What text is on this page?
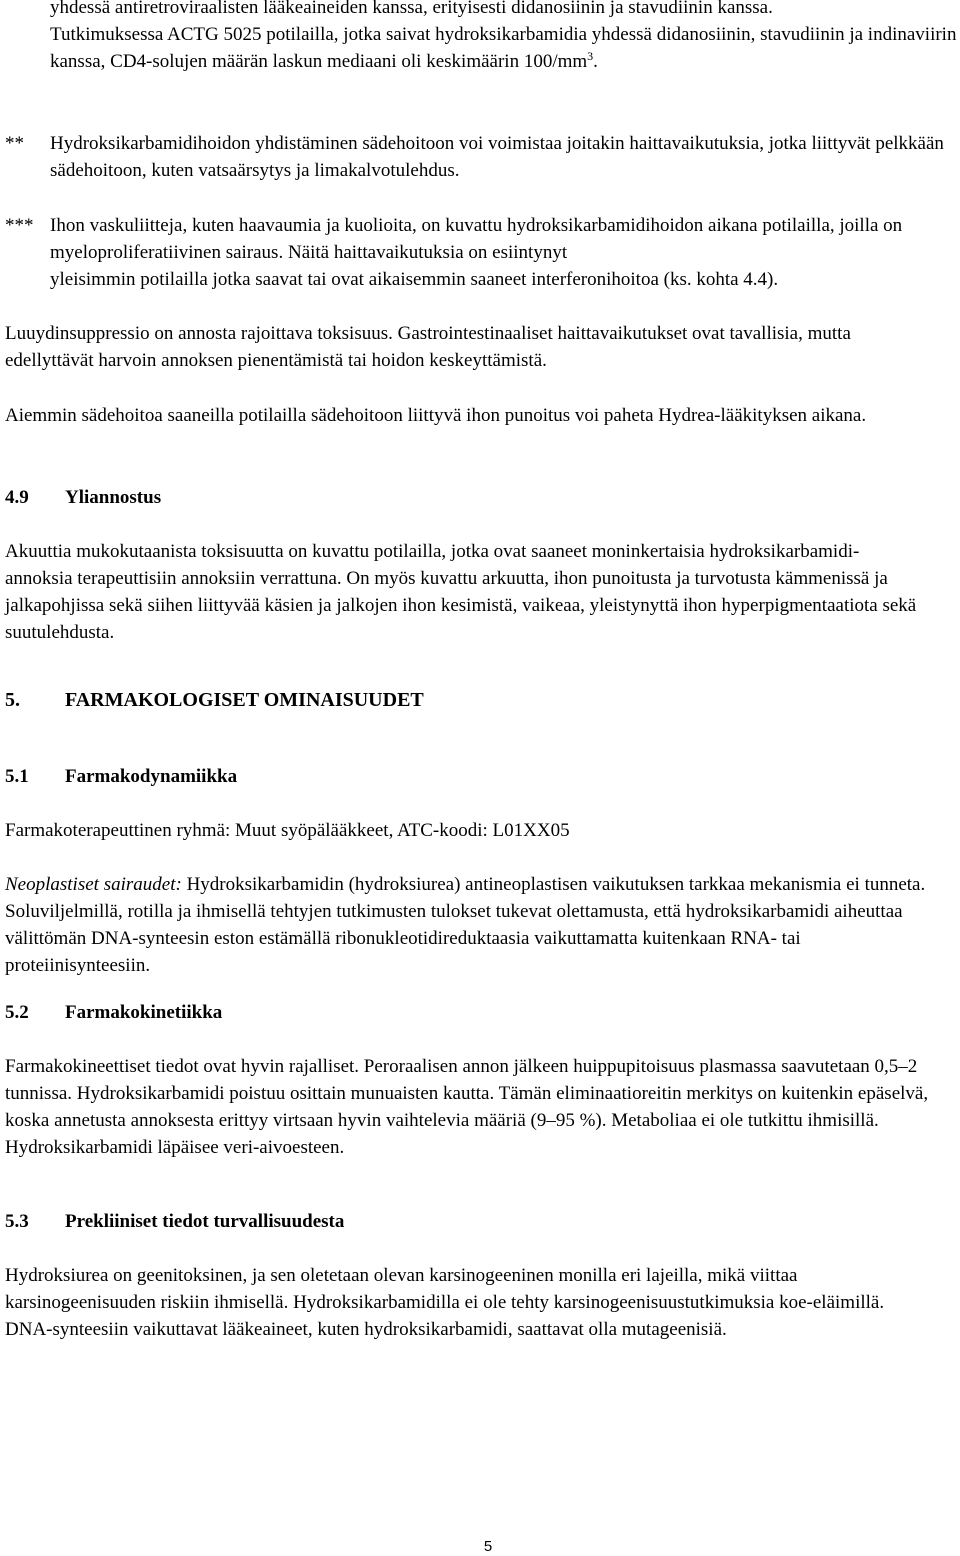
yhdessä antiretroviraalisten lääkeaineiden kanssa, erityisesti didanosiinin ja stavudiinin kanssa.

Tutkimuksessa ACTG 5025 potilailla, jotka saivat hydroksikarbamidia yhdessä didanosiinin, stavudiinin ja indinaviirin kanssa, CD4-solujen määrän laskun mediaani oli keskimäärin $100/mm^3$.
**	Hydroksikarbamidihoidon yhdistäminen sädehoitoon voi voimistaa joitakin haittavaikutuksia, jotka liittyvät pelkkään sädehoitoon, kuten vatsaärsytys ja limakalvotulehdus.
*** Ihon vaskuliitteja, kuten haavaumia ja kuolioita, on kuvattu hydroksikarbamidihoidon aikana potilailla, joilla on myeloproliferatiivinen sairaus. Näitä haittavaikutuksia on esiintynyt
yleisimmin potilailla jotka saavat tai ovat aikaisemmin saaneet interferonihoitoa (ks. kohta 4.4).

Luuydinsuppressio on annosta rajoittava toksisuus. Gastrointestinaaliset haittavaikutukset ovat tavallisia, mutta edellyttävät harvoin annoksen pienentämistä tai hoidon keskeyttämistä.

Aiemmin sädehoitoa saaneilla potilailla sädehoitoon liittyvä ihon punoitus voi paheta Hydrea-lääkityksen aikana.

4.9 Yliannostus

Akuuttia mukokutaanista toksisuutta on kuvattu potilailla, jotka ovat saaneet moninkertaisia hydroksikarbamidi-annoksia terapeuttisiin annoksiin verrattuna. On myös kuvattu arkuutta, ihon punoitusta ja turvotusta kämmenissä ja jalkapohjissa sekä siihen liittyvää käsien ja jalkojen ihon kesimistä, vaikeaa, yleistynyttä ihon hyperpigmentaatiota sekä suutulehdusta.

5. FARMAKOLOGISET OMINAISUUDET
5.1 Farmakodynamiikka

Farmakoterapeuttinen ryhmä: Muut syöpälääkkeet, ATC-koodi: L01XX05

Neoplastiset sairaudet: Hydroksikarbamidin (hydroksiurea) antineoplastisen vaikutuksen tarkkaa mekanismia ei tunneta. Soluviljelmillä, rotilla ja ihmisellä tehtyjen tutkimusten tulokset tukevat olettamusta, että hydroksikarbamidi aiheuttaa välittömän DNA-synteesin eston estämällä ribonukleotidireduktaasia vaikuttamatta kuitenkaan RNA- tai proteiinisynteesiin.

5.2 Farmakokinetiikka

Farmakokineettiset tiedot ovat hyvin rajalliset. Peroraalisen annon jälkeen huippupitoisuus plasmassa saavutetaan 0,5–2 tunnissa. Hydroksikarbamidi poistuu osittain munuaisten kautta. Tämän eliminaatioreitin merkitys on kuitenkin epäselvä, koska annetusta annoksesta erittyy virtsaan hyvin vaihtelevia määriä (9–95 %). Metaboliaa ei ole tutkittu ihmisillä. Hydroksikarbamidi läpäisee veri-aivoesteen.

5.3 Prekliiniset tiedot turvallisuudesta

Hydroksiurea on geenitoksinen, ja sen oletetaan olevan karsinogeeninen monilla eri lajeilla, mikä viittaa karsinogeenisuuden riskiin ihmisellä. Hydroksikarbamidilla ei ole tehty karsinogeenisuustutkimuksia koe-eläimillä. DNA-synteesiin vaikuttavat lääkeaineet, kuten hydroksikarbamidi, saattavat olla mutageenisiä.

5
